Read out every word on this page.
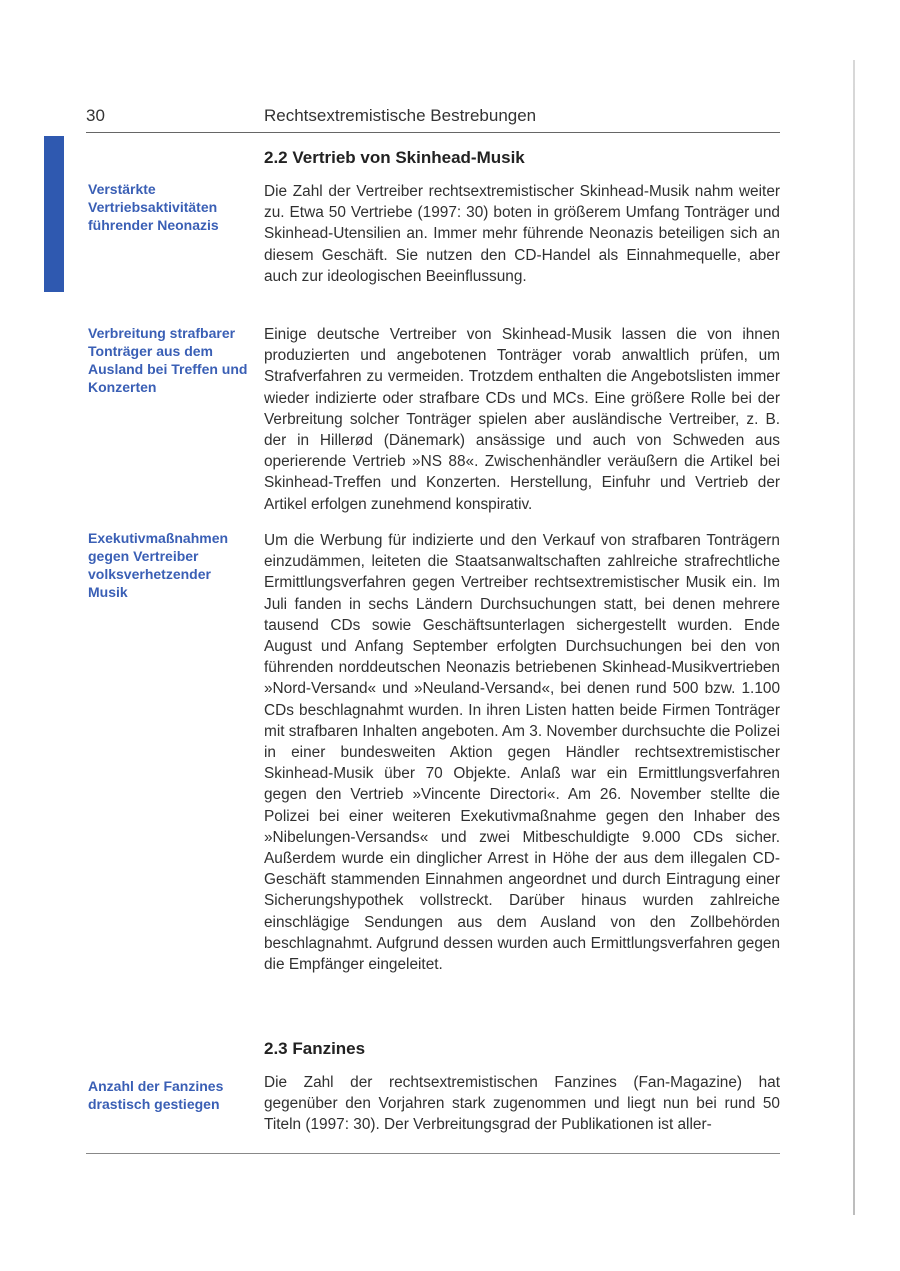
30	Rechtsextremistische Bestrebungen
2.2 Vertrieb von Skinhead-Musik
Verstärkte Vertriebsaktivitäten führender Neonazis

Die Zahl der Vertreiber rechtsextremistischer Skinhead-Musik nahm weiter zu. Etwa 50 Vertriebe (1997: 30) boten in größerem Umfang Tonträger und Skinhead-Utensilien an. Immer mehr führende Neonazis beteiligen sich an diesem Geschäft. Sie nutzen den CD-Handel als Einnahmequelle, aber auch zur ideologischen Beeinflussung.

Verbreitung strafbarer Tonträger aus dem Ausland bei Treffen und Konzerten

Einige deutsche Vertreiber von Skinhead-Musik lassen die von ihnen produzierten und angebotenen Tonträger vorab anwaltlich prüfen, um Strafverfahren zu vermeiden. Trotzdem enthalten die Angebotslisten immer wieder indizierte oder strafbare CDs und MCs. Eine größere Rolle bei der Verbreitung solcher Tonträger spielen aber ausländische Vertreiber, z. B. der in Hillerød (Dänemark) ansässige und auch von Schweden aus operierende Vertrieb »NS 88«. Zwischenhändler veräußern die Artikel bei Skinhead-Treffen und Konzerten. Herstellung, Einfuhr und Vertrieb der Artikel erfolgen zunehmend konspirativ.

Exekutivmaßnahmen gegen Vertreiber volksverhetzender Musik

Um die Werbung für indizierte und den Verkauf von strafbaren Tonträgern einzudämmen, leiteten die Staatsanwaltschaften zahlreiche strafrechtliche Ermittlungsverfahren gegen Vertreiber rechtsextremistischer Musik ein. Im Juli fanden in sechs Ländern Durchsuchungen statt, bei denen mehrere tausend CDs sowie Geschäftsunterlagen sichergestellt wurden. Ende August und Anfang September erfolgten Durchsuchungen bei den von führenden norddeutschen Neonazis betriebenen Skinhead-Musikvertrieben »Nord-Versand« und »Neuland-Versand«, bei denen rund 500 bzw. 1.100 CDs beschlagnahmt wurden. In ihren Listen hatten beide Firmen Tonträger mit strafbaren Inhalten angeboten. Am 3. November durchsuchte die Polizei in einer bundesweiten Aktion gegen Händler rechtsextremistischer Skinhead-Musik über 70 Objekte. Anlaß war ein Ermittlungsverfahren gegen den Vertrieb »Vincente Directori«. Am 26. November stellte die Polizei bei einer weiteren Exekutivmaßnahme gegen den Inhaber des »Nibelungen-Versands« und zwei Mitbeschuldigte 9.000 CDs sicher. Außerdem wurde ein dinglicher Arrest in Höhe der aus dem illegalen CD-Geschäft stammenden Einnahmen angeordnet und durch Eintragung einer Sicherungshypothek vollstreckt. Darüber hinaus wurden zahlreiche einschlägige Sendungen aus dem Ausland von den Zollbehörden beschlagnahmt. Aufgrund dessen wurden auch Ermittlungsverfahren gegen die Empfänger eingeleitet.

2.3 Fanzines
Anzahl der Fanzines drastisch gestiegen

Die Zahl der rechtsextremistischen Fanzines (Fan-Magazine) hat gegenüber den Vorjahren stark zugenommen und liegt nun bei rund 50 Titeln (1997: 30). Der Verbreitungsgrad der Publikationen ist aller-
